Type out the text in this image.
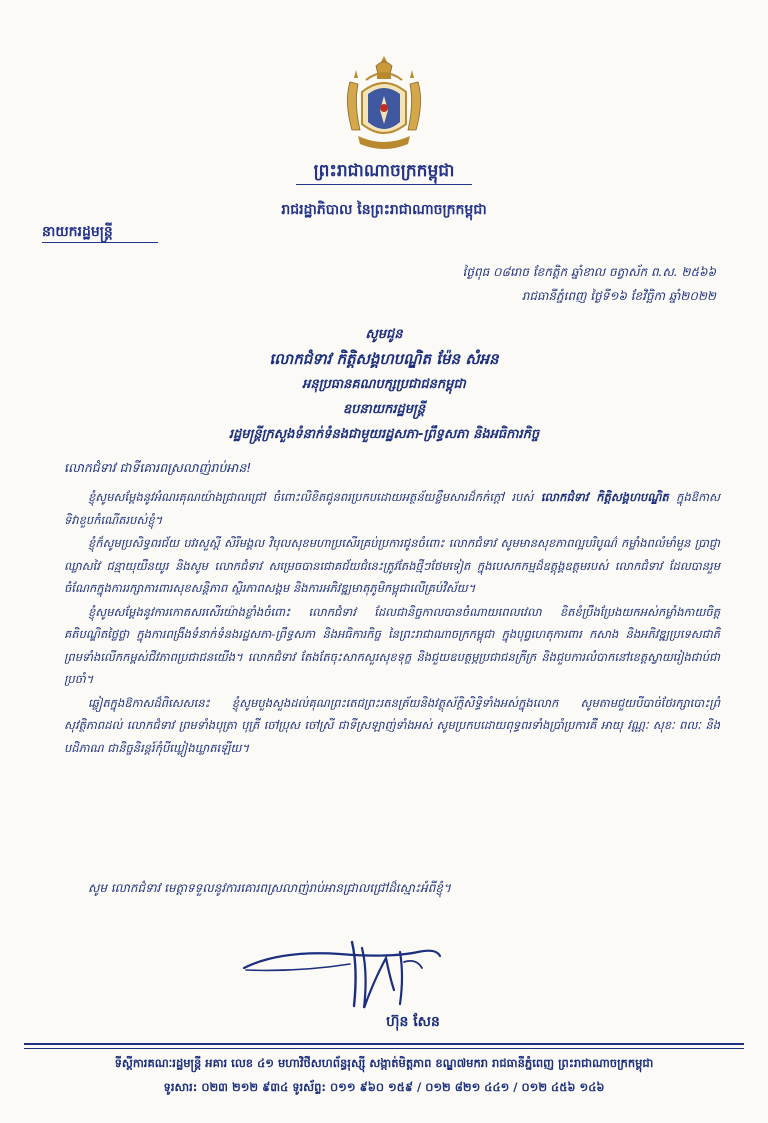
ព្រះរាជាណាចក្រកម្ពុជា
រាជរដ្ឋាភិបាល នៃព្រះរាជាណាចក្រកម្ពុជា
នាយករដ្ឋមន្ត្រី
ថ្ងៃពុធ ០៨រោច ខែកត្តិក ឆ្នាំខាល ចត្វាស័ក ព.ស. ២៥៦៦
រាជធានីភ្នំពេញ ថ្ងៃទី១៦ ខែវិច្ឆិកា ឆ្នាំ២០២២
សូមជូន
លោកជំទាវ កិត្តិសង្គហបណ្ឌិត ម៉ែន សំអន
អនុប្រធានគណបក្សប្រជាជនកម្ពុជា
ឧបនាយករដ្ឋមន្ត្រី
រដ្ឋមន្ត្រីក្រសួងទំនាក់ទំនងជាមួយរដ្ឋសភា-ព្រឹទ្ធសភា និងអធិការកិច្ច
លោកជំទាវ ជាទីគោរពស្រលាញ់រាប់អាន!

ខ្ញុំសូមសម្ដែងនូវអំណរគុណយ៉ាងជ្រាលជ្រៅ ចំពោះលិខិតជូនពរប្រកបដោយអត្ថន័យខ្លឹមសារដ៏កក់ក្ដៅ របស់ លោកជំទាវ កិត្តិសង្គហបណ្ឌិត ក្នុងឱកាសទិវាខួបកំណើតរបស់ខ្ញុំ។

ខ្ញុំក៏សូមប្រសិទ្ធពរជ័យ បវរសួស្តី សិរីមង្គល វិបុលសុខមហាប្រសើរគ្រប់ប្រការជូនចំពោះ លោកជំទាវ សូមមានសុខភាពល្អបរិបូណ៌ កម្លាំងពលំមាំមួន ប្រាជ្ញាឈ្លាសវៃ ជន្មាយុយឺនយូរ និងសូម លោកជំទាវ សម្រេចបានជោគជ័យជំនេះត្រូវតែងថ្មីៗថែមទៀត ក្នុងបេសកកម្មដ៏ឧត្តុង្គឧត្តមរបស់ លោកជំទាវ ដែលបានរួមចំណែកក្នុងការរក្សាការពារសុខសន្តិភាព ស្ថិរភាពសង្គម និងការអភិវឌ្ឍមាតុភូមិកម្ពុជាលើគ្រប់វិស័យ។

ខ្ញុំសូមសម្ដែងនូវការកោតសរសើរយ៉ាងខ្លាំងចំពោះ លោកជំទាវ ដែលជានិច្ចកាលបានចំណាយពេលវេលា ខិតខំប្រឹងប្រែងយកអស់កម្លាំងកាយចិត្ត គតិបណ្ឌិតថ្លៃថ្លា ក្នុងការពង្រឹងទំនាក់ទំនងរដ្ឋសភា-ព្រឹទ្ធសភា និងអធិការកិច្ច នៃព្រះរាជាណាចក្រកម្ពុជា ក្នុងបុព្វហេតុការពារ កសាង និងអភិវឌ្ឍប្រទេសជាតិ ព្រមទាំងលើកកម្ពស់ជីវភាពប្រជាជនយើង។ លោកជំទាវ តែងតែចុះសាកសួរសុខទុក្ខ និងជួយឧបត្ថម្ភប្រជាជនក្រីក្រ និងជួបការលំបាកនៅខេត្តស្វាយរៀងជាប់ជាប្រចាំ។

ឆ្លៀតក្នុងឱកាសដ៏ពិសេសនេះ ខ្ញុំសូមបួងសួងដល់គុណព្រះតេជព្រះរតនត្រ័យនិងវត្ថុស័ក្តិសិទ្ធិទាំងអស់ក្នុងលោក សូមតាមជួយបីបាច់ថែរក្សាបោះព្រំសុវត្ថិភាពដល់ លោកជំទាវ ព្រមទាំងបុត្រា បុត្រី ចៅប្រុស ចៅស្រី ជាទីស្រឡាញ់ទាំងអស់ សូមប្រកបដោយពុទ្ធពរទាំងប្រាំប្រការគឺ អាយុ វណ្ណៈ សុខៈ ពលៈ និង បដិភាណ ជានិច្ចនិរន្តរ៍កុំបីឃ្លៀងឃ្លាតឡើយ។

សូម លោកជំទាវ មេត្តាទទួលនូវការគោរពស្រលាញ់រាប់អានជ្រាលជ្រៅដ៏ស្មោះអំពីខ្ញុំ។
ហ៊ុន សែន
ទីស្ដីការគណៈរដ្ឋមន្ដ្រី អគារ លេខ ៤១ មហាវិថីសហព័ន្ធរុស្ស៊ី សង្កាត់មិត្តភាព ខណ្ឌ៧មករា រាជធានីភ្នំពេញ ព្រះរាជាណាចក្រកម្ពុជា
ទូរសារ: ០២៣ ២១២ ៩៣៤ ទូរស័ព្ទ: ០១១ ៩៦០ ១៥៩ / ០១២ ៨២១ ៤៤១ / ០១២ ៤៥៦ ១៤៦
